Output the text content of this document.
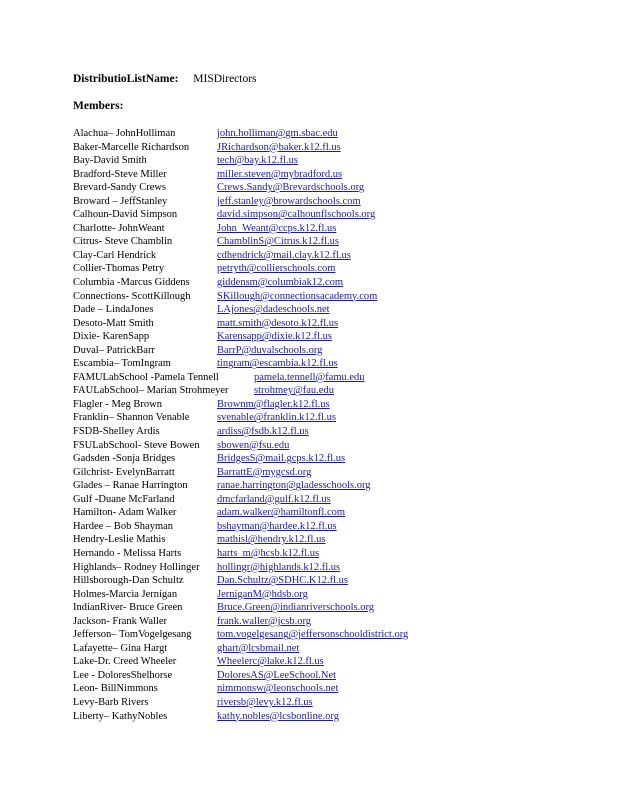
DistributioListName: MISDirectors
Members:
Alachua– JohnHolliman	john.holliman@gm.sbac.edu
Baker-Marcelle Richardson	JRichardson@baker.k12.fl.us
Bay-David Smith	tech@bay.k12.fl.us
Bradford-Steve Miller	miller.steven@mybradford.us
Brevard-Sandy Crews	Crews.Sandy@Brevardschools.org
Broward – JeffStanley	jeff.stanley@browardschools.com
Calhoun-David Simpson	david.simpson@calhounflschools.org
Charlotte- JohnWeant	John_Weant@ccps.k12.fl.us
Citrus- Steve Chamblin	ChamblinS@Citrus.k12.fl.us
Clay-Carl Hendrick	cdhendrick@mail.clay.k12.fl.us
Collier-Thomas Petry	petryth@collierschools.com
Columbia -Marcus Giddens	giddensm@columbiak12.com
Connections- ScottKillough	SKillough@connectionsacademy.com
Dade – LindaJones	LAjones@dadeschools.net
Desoto-Matt Smith	matt.smith@desoto.k12.fl.us
Dixie- KarenSapp	Karensapp@dixie.k12.fl.us
Duval– PatrickBarr	BarrP@duvalschools.org
Escambia– TomIngram	tingram@escambia.k12.fl.us
FAMULabSchool -Pamela Tennell	pamela.tennell@famu.edu
FAULabSchool– Marian Strohmeyer strohmey@fau.edu
Flagler - Meg Brown	Brownm@flagler.k12.fl.us
Franklin– Shannon Venable	svenable@franklin.k12.fl.us
FSDB-Shelley Ardis	ardiss@fsdb.k12.fl.us
FSULabSchool- Steve Bowen sbowen@fsu.edu
Gadsden -Sonja Bridges	BridgesS@mail.gcps.k12.fl.us
Gilchrist- EvelynBarratt	BarrattE@mygcsd.org
Glades – Ranae Harrington	ranae.harrington@gladesschools.org
Gulf -Duane McFarland	dmcfarland@gulf.k12.fl.us
Hamilton- Adam Walker	adam.walker@hamiltonfl.com
Hardee – Bob Shayman	bshayman@hardee.k12.fl.us
Hendry-Leslie Mathis	mathisl@hendry.k12.fl.us
Hernando - Melissa Harts	harts_m@hcsb.k12.fl.us
Highlands– Rodney Hollinger hollingr@highlands.k12.fl.us
Hillsborough-Dan Schultz	Dan.Schultz@SDHC.K12.fl.us
Holmes-Marcia Jernigan	JerniganM@hdsb.org
IndianRiver- Bruce Green	Bruce.Green@indianriverschools.org
Jackson- Frank Waller	frank.waller@jcsb.org
Jefferson– TomVogelgesang tom.vogelgesang@jeffersonschooldistrict.org
Lafayette– Gina Hargt	ghart@lcsbmail.net
Lake-Dr. Creed Wheeler	Wheelerc@lake.k12.fl.us
Lee - DoloresShelhorse	DoloresAS@LeeSchool.Net
Leon- BillNimmons	nimmonsw@leonschools.net
Levy-Barb Rivers	riversb@levy.k12.fl.us
Liberty– KathyNobles	kathy.nobles@lcsbonline.org
